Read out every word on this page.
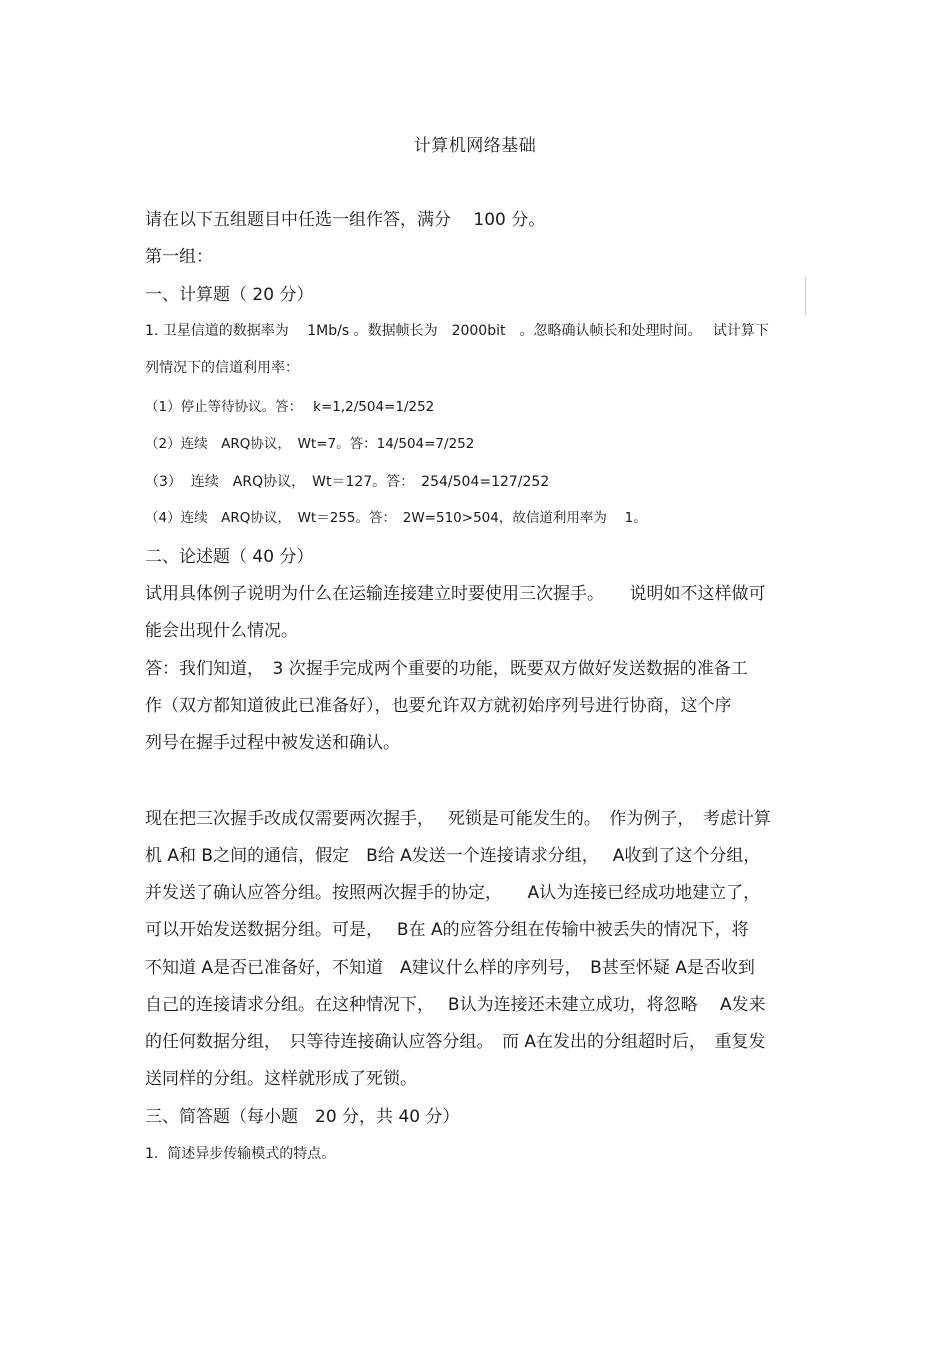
计算机网络基础
请在以下五组题目中任选一组作答，满分　 100 分。
第一组：
一、计算题（ 20 分）
1. 卫星信道的数据率为　 1Mb/s 。数据帧长为　2000bit　。忽略确认帧长和处理时间。　 试计算下
列情况下的信道利用率：
（1）停止等待协议。答：　 k=1,2/504=1/252
（2）连续　ARQ协议，　Wt=7。答：14/504=7/252
（3）  连续　ARQ协议，　Wt＝127。答：　254/504=127/252
（4）连续　ARQ协议，　Wt＝255。答：　2W=510>504，故信道利用率为　 1。
二、论述题（ 40 分）
试用具体例子说明为什么在运输连接建立时要使用三次握手。　　说明如不这样做可
能会出现什么情况。
答：我们知道，　3 次握手完成两个重要的功能，既要双方做好发送数据的准备工
作（双方都知道彼此已准备好），也要允许双方就初始序列号进行协商，这个序
列号在握手过程中被发送和确认。
现在把三次握手改成仅需要两次握手，　 死锁是可能发生的。　作为例子，　考虑计算
机 A和 B之间的通信，假定　B给 A发送一个连接请求分组，　 A收到了这个分组，
并发送了确认应答分组。按照两次握手的协定，　　A认为连接已经成功地建立了，
可以开始发送数据分组。可是，　 B在 A的应答分组在传输中被丢失的情况下，将
不知道 A是否已准备好，不知道　A建议什么样的序列号，　B甚至怀疑 A是否收到
自己的连接请求分组。在这种情况下，　 B认为连接还未建立成功，将忽略　 A发来
的任何数据分组，　只等待连接确认应答分组。　而 A在发出的分组超时后，　重复发
送同样的分组。这样就形成了死锁。
三、简答题（每小题　20 分，共 40 分）
1.  简述异步传输模式的特点。
